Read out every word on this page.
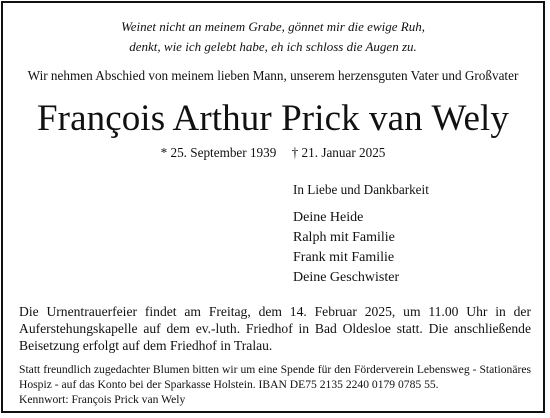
Weinet nicht an meinem Grabe, gönnet mir die ewige Ruh,
denkt, wie ich gelebt habe, eh ich schloss die Augen zu.
Wir nehmen Abschied von meinem lieben Mann, unserem herzensguten Vater und Großvater
François Arthur Prick van Wely
* 25. September 1939 † 21. Januar 2025
In Liebe und Dankbarkeit
Deine Heide
Ralph mit Familie
Frank mit Familie
Deine Geschwister
Die Urnentrauerfeier findet am Freitag, dem 14. Februar 2025, um 11.00 Uhr in der Auferstehungskapelle auf dem ev.-luth. Friedhof in Bad Oldesloe statt. Die anschließende Beisetzung erfolgt auf dem Friedhof in Tralau.
Statt freundlich zugedachter Blumen bitten wir um eine Spende für den Förderverein Lebensweg - Stationäres Hospiz - auf das Konto bei der Sparkasse Holstein. IBAN DE75 2135 2240 0179 0785 55.
Kennwort: François Prick van Wely
